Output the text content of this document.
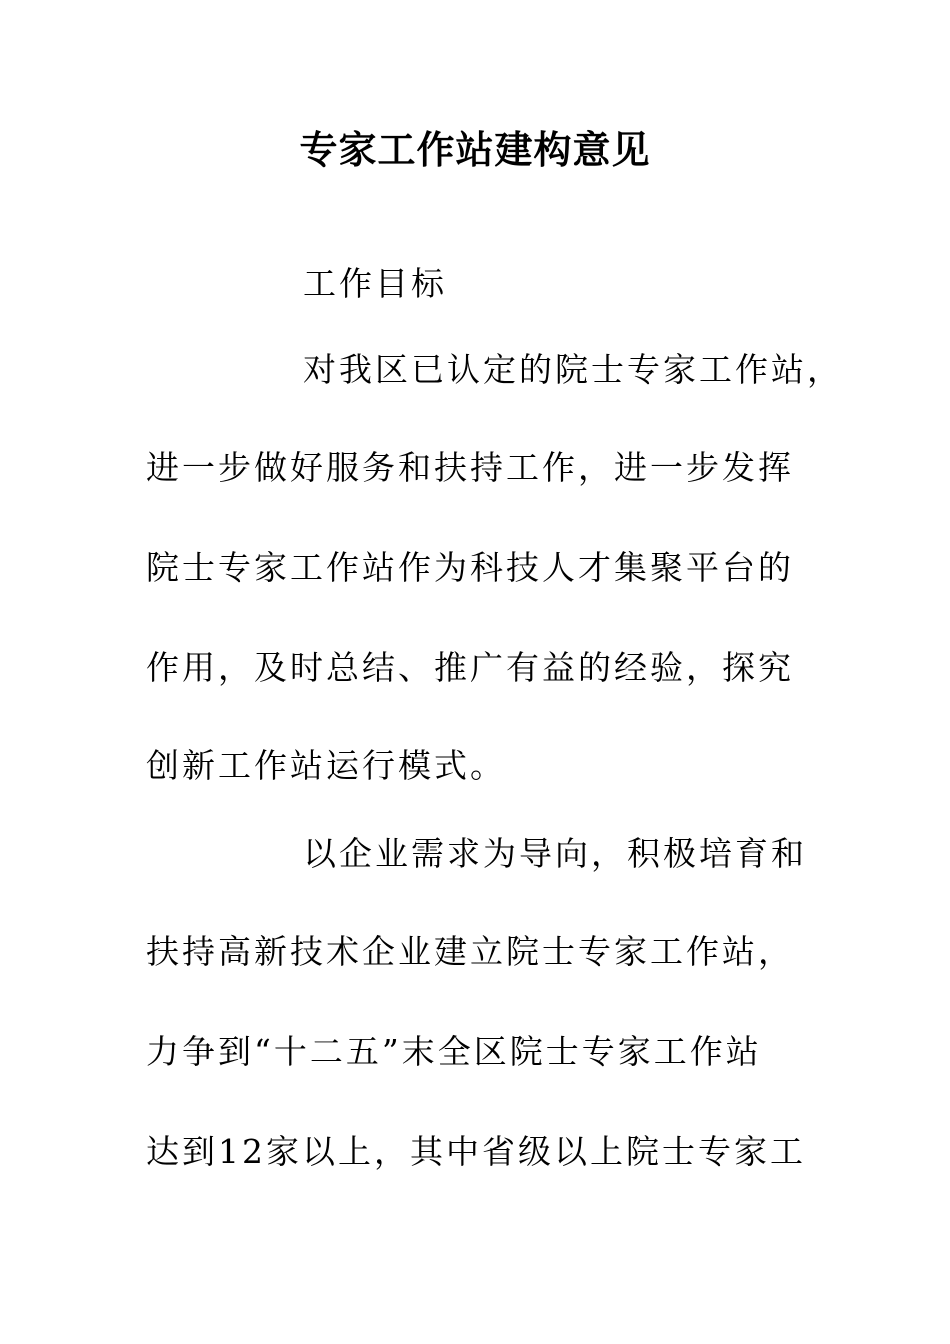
专家工作站建构意见
工作目标
对我区已认定的院士专家工作站，
进一步做好服务和扶持工作，进一步发挥
院士专家工作站作为科技人才集聚平台的
作用，及时总结、推广有益的经验，探究
创新工作站运行模式。
以企业需求为导向，积极培育和
扶持高新技术企业建立院士专家工作站，
力争到“十二五”末全区院士专家工作站
达到12家以上，其中省级以上院士专家工
